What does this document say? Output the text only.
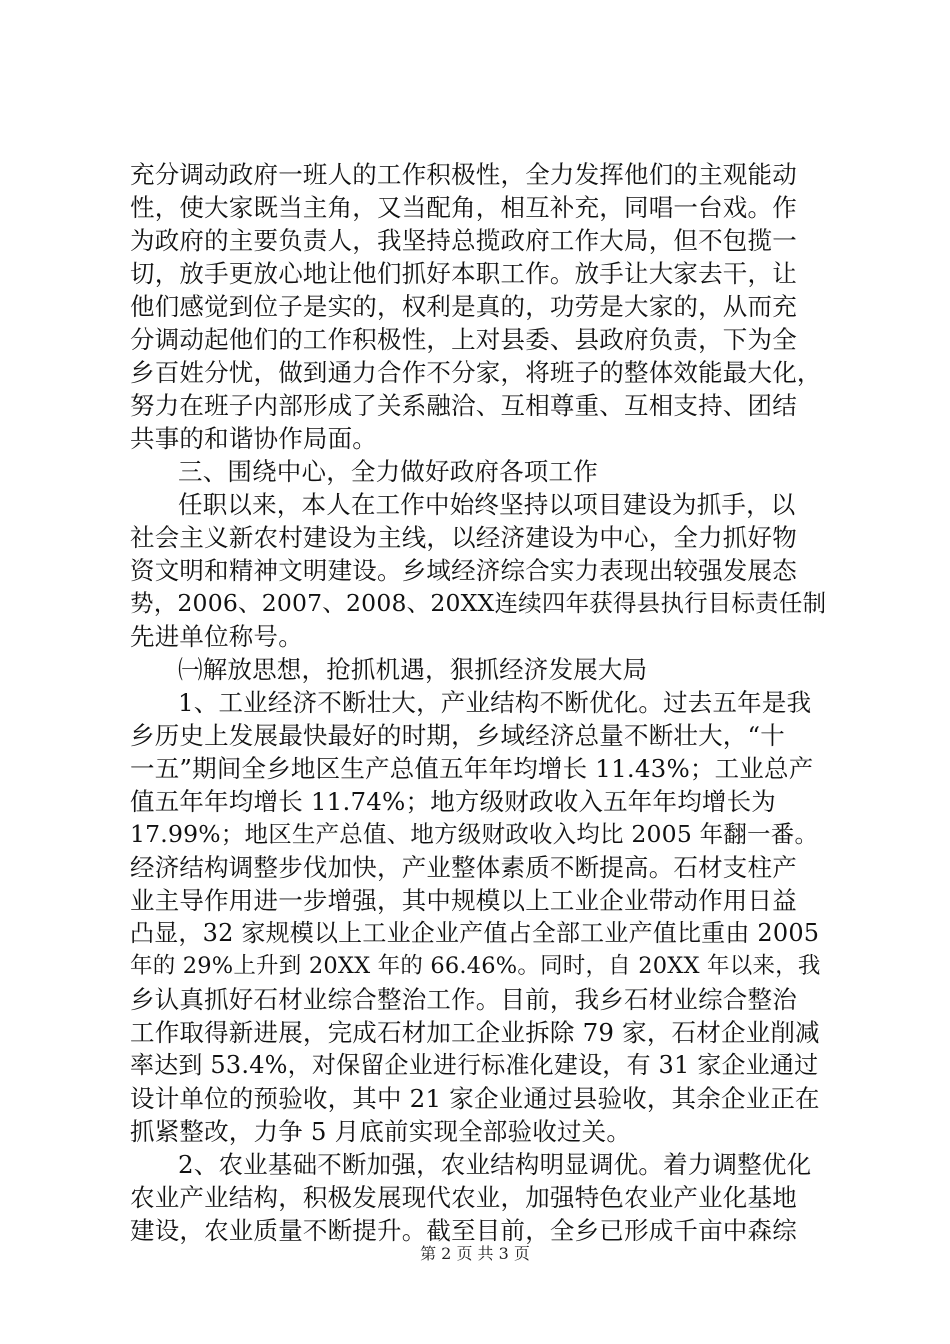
充分调动政府一班人的工作积极性，全力发挥他们的主观能动
性，使大家既当主角，又当配角，相互补充，同唱一台戏。作
为政府的主要负责人，我坚持总揽政府工作大局，但不包揽一
切，放手更放心地让他们抓好本职工作。放手让大家去干，让
他们感觉到位子是实的，权利是真的，功劳是大家的，从而充
分调动起他们的工作积极性，上对县委、县政府负责，下为全
乡百姓分忧，做到通力合作不分家，将班子的整体效能最大化，
努力在班子内部形成了关系融洽、互相尊重、互相支持、团结
共事的和谐协作局面。
三、围绕中心，全力做好政府各项工作
任职以来，本人在工作中始终坚持以项目建设为抓手，以
社会主义新农村建设为主线，以经济建设为中心，全力抓好物
资文明和精神文明建设。乡域经济综合实力表现出较强发展态
势，2006、2007、2008、20XX连续四年获得县执行目标责任制
先进单位称号。
㈠解放思想，抢抓机遇，狠抓经济发展大局
1、工业经济不断壮大，产业结构不断优化。过去五年是我
乡历史上发展最快最好的时期，乡域经济总量不断壮大，“十
一五”期间全乡地区生产总值五年年均增长 11.43%；工业总产
值五年年均增长 11.74%；地方级财政收入五年年均增长为
17.99%；地区生产总值、地方级财政收入均比 2005 年翻一番。
经济结构调整步伐加快，产业整体素质不断提高。石材支柱产
业主导作用进一步增强，其中规模以上工业企业带动作用日益
凸显，32 家规模以上工业企业产值占全部工业产值比重由 2005
年的 29%上升到 20XX 年的 66.46%。同时，自 20XX 年以来，我
乡认真抓好石材业综合整治工作。目前，我乡石材业综合整治
工作取得新进展，完成石材加工企业拆除 79 家，石材企业削减
率达到 53.4%，对保留企业进行标准化建设，有 31 家企业通过
设计单位的预验收，其中 21 家企业通过县验收，其余企业正在
抓紧整改，力争 5 月底前实现全部验收过关。
2、农业基础不断加强，农业结构明显调优。着力调整优化
农业产业结构，积极发展现代农业，加强特色农业产业化基地
建设，农业质量不断提升。截至目前，全乡已形成千亩中森综
第 2 页 共 3 页
